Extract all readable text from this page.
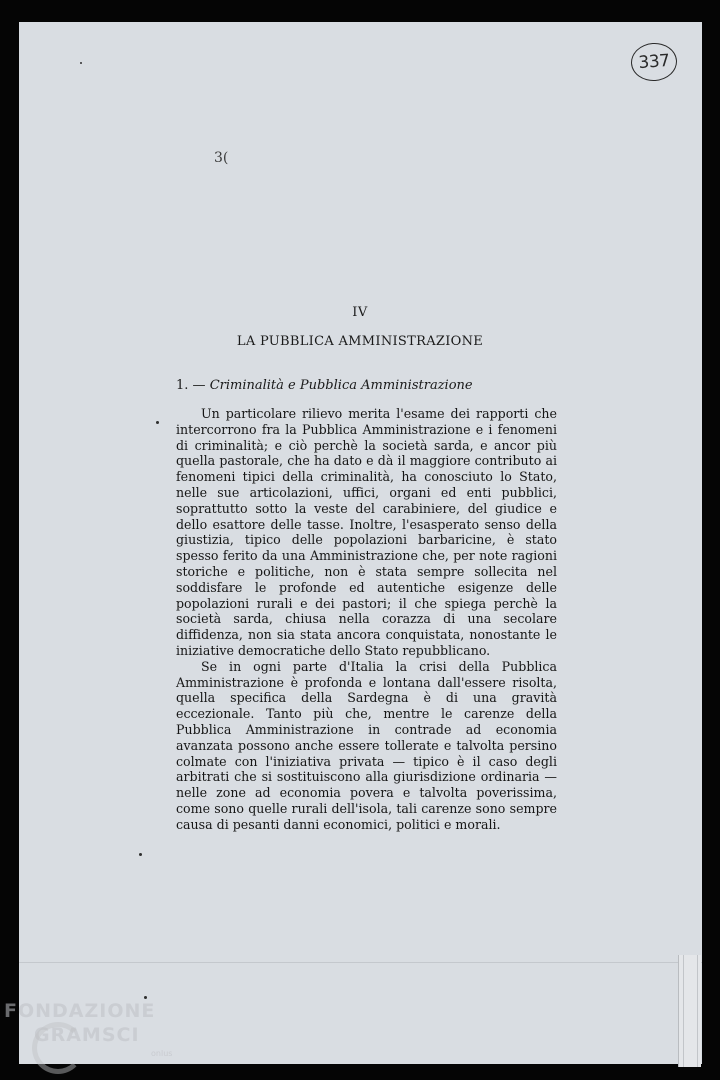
337
3(
IV
LA PUBBLICA AMMINISTRAZIONE
1. — Criminalità e Pubblica Amministrazione

Un particolare rilievo merita l'esame dei rapporti che intercorrono fra la Pubblica Amministrazione e i fenomeni di criminalità; e ciò perchè la società sarda, e ancor più quella pastorale, che ha dato e dà il maggiore contributo ai fenomeni tipici della criminalità, ha conosciuto lo Stato, nelle sue articolazioni, uffici, organi ed enti pubblici, soprattutto sotto la veste del carabiniere, del giudice e dello esattore delle tasse. Inoltre, l'esasperato senso della giustizia, tipico delle popolazioni barbaricine, è stato spesso ferito da una Amministrazione che, per note ragioni storiche e politiche, non è stata sempre sollecita nel soddisfare le profonde ed autentiche esigenze delle popolazioni rurali e dei pastori; il che spiega perchè la società sarda, chiusa nella corazza di una secolare diffidenza, non sia stata ancora conquistata, nonostante le iniziative democratiche dello Stato repubblicano.

Se in ogni parte d'Italia la crisi della Pubblica Amministrazione è profonda e lontana dall'essere risolta, quella specifica della Sardegna è di una gravità eccezionale. Tanto più che, mentre le carenze della Pubblica Amministrazione in contrade ad economia avanzata possono anche essere tollerate e talvolta persino colmate con l'iniziativa privata — tipico è il caso degli arbitrati che si sostituiscono alla giurisdizione ordinaria — nelle zone ad economia povera e talvolta poverissima, come sono quelle rurali dell'isola, tali carenze sono sempre causa di pesanti danni economici, politici e morali.

FONDAZIONE
GRAMSCI
onlus
